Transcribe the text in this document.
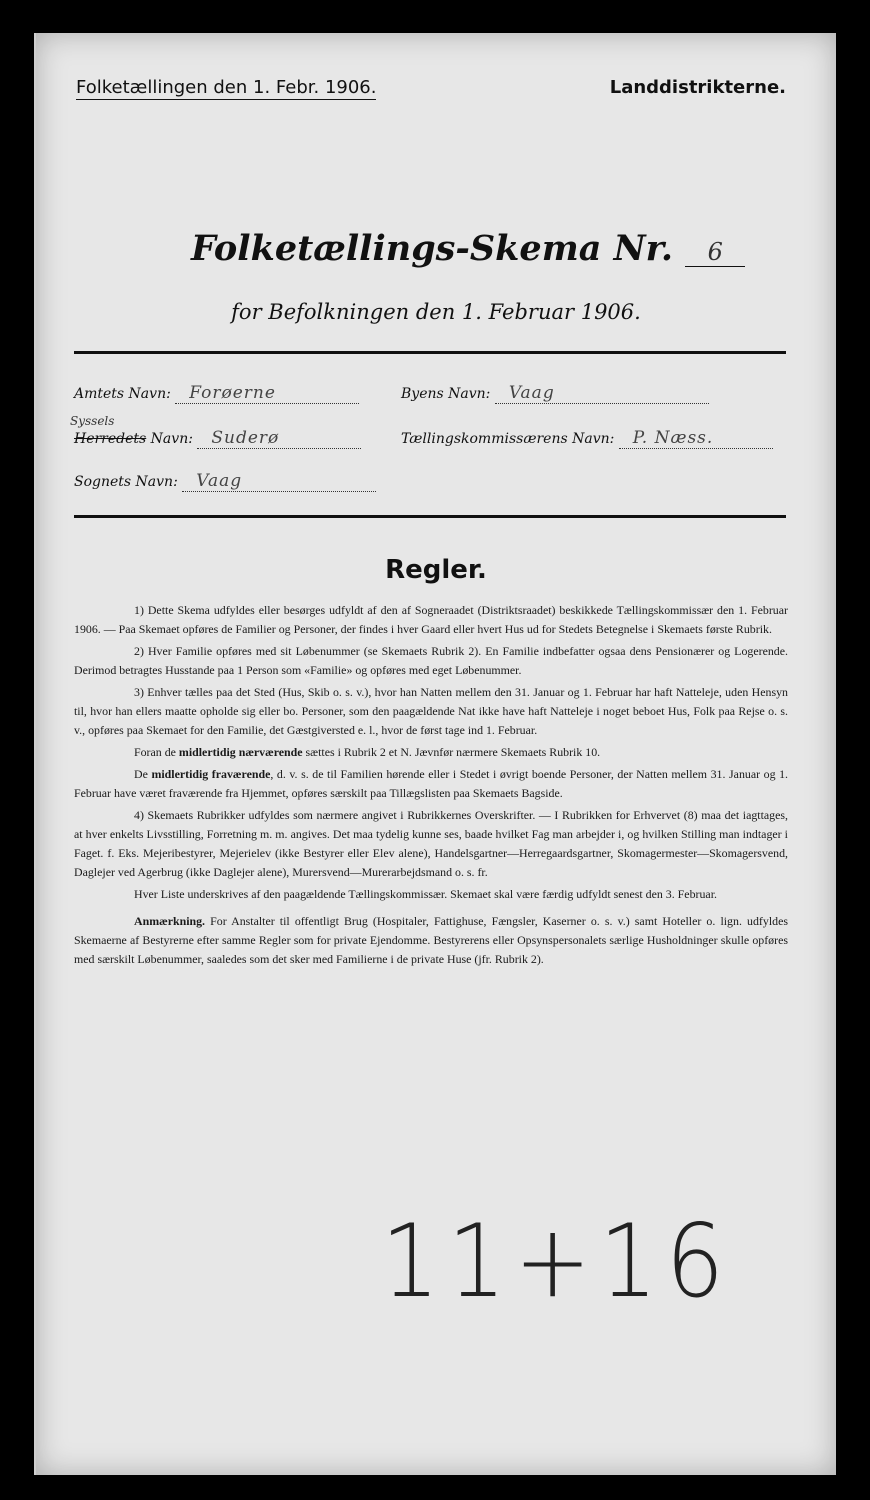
Folketællingen den 1. Febr. 1906.	Landdistrikterne.
Folketællings-Skema Nr. 6
for Befolkningen den 1. Februar 1906.
Amtets Navn: Forøerne	Byens Navn: Vaag
Syssels
Herredets Navn: Suderø	Tællingskommissærens Navn: P. Næss.
Sognets Navn: Vaag
Regler.

1) Dette Skema udfyldes eller besørges udfyldt af den af Sogneraadet (Distriktsraadet) beskikkede Tællingskommissær den 1. Februar 1906. — Paa Skemaet opføres de Familier og Personer, der findes i hver Gaard eller hvert Hus ud for Stedets Betegnelse i Skemaets første Rubrik.

2) Hver Familie opføres med sit Løbenummer (se Skemaets Rubrik 2). En Familie indbefatter ogsaa dens Pensionærer og Logerende. Derimod betragtes Husstande paa 1 Person som «Familie» og opføres med eget Løbenummer.

3) Enhver tælles paa det Sted (Hus, Skib o. s. v.), hvor han Natten mellem den 31. Januar og 1. Februar har haft Natteleje, uden Hensyn til, hvor han ellers maatte opholde sig eller bo. Personer, som den paagældende Nat ikke have haft Natteleje i noget beboet Hus, Folk paa Rejse o. s. v., opføres paa Skemaet for den Familie, det Gæstgiversted e. l., hvor de først tage ind 1. Februar.

Foran de midlertidig nærværende sættes i Rubrik 2 et N. Jævnfør nærmere Skemaets Rubrik 10.

De midlertidig fraværende, d. v. s. de til Familien hørende eller i Stedet i øvrigt boende Personer, der Natten mellem 31. Januar og 1. Februar have været fraværende fra Hjemmet, opføres særskilt paa Tillægslisten paa Skemaets Bagside.

4) Skemaets Rubrikker udfyldes som nærmere angivet i Rubrikkernes Overskrifter. — I Rubrikken for Erhvervet (8) maa det iagttages, at hver enkelts Livsstilling, Forretning m. m. angives. Det maa tydelig kunne ses, baade hvilket Fag man arbejder i, og hvilken Stilling man indtager i Faget. f. Eks. Mejeribestyrer, Mejerielev (ikke Bestyrer eller Elev alene), Handelsgartner—Herregaardsgartner, Skomagermester—Skomagersvend, Daglejer ved Agerbrug (ikke Daglejer alene), Murersvend—Murerarbejdsmand o. s. fr.

Hver Liste underskrives af den paagældende Tællingskommissær. Skemaet skal være færdig udfyldt senest den 3. Februar.

Anmærkning. For Anstalter til offentligt Brug (Hospitaler, Fattighuse, Fængsler, Kaserner o. s. v.) samt Hoteller o. lign. udfyldes Skemaerne af Bestyrerne efter samme Regler som for private Ejendomme. Bestyrerens eller Opsynspersonalets særlige Husholdninger skulle opføres med særskilt Løbenummer, saaledes som det sker med Familierne i de private Huse (jfr. Rubrik 2).

11+16
